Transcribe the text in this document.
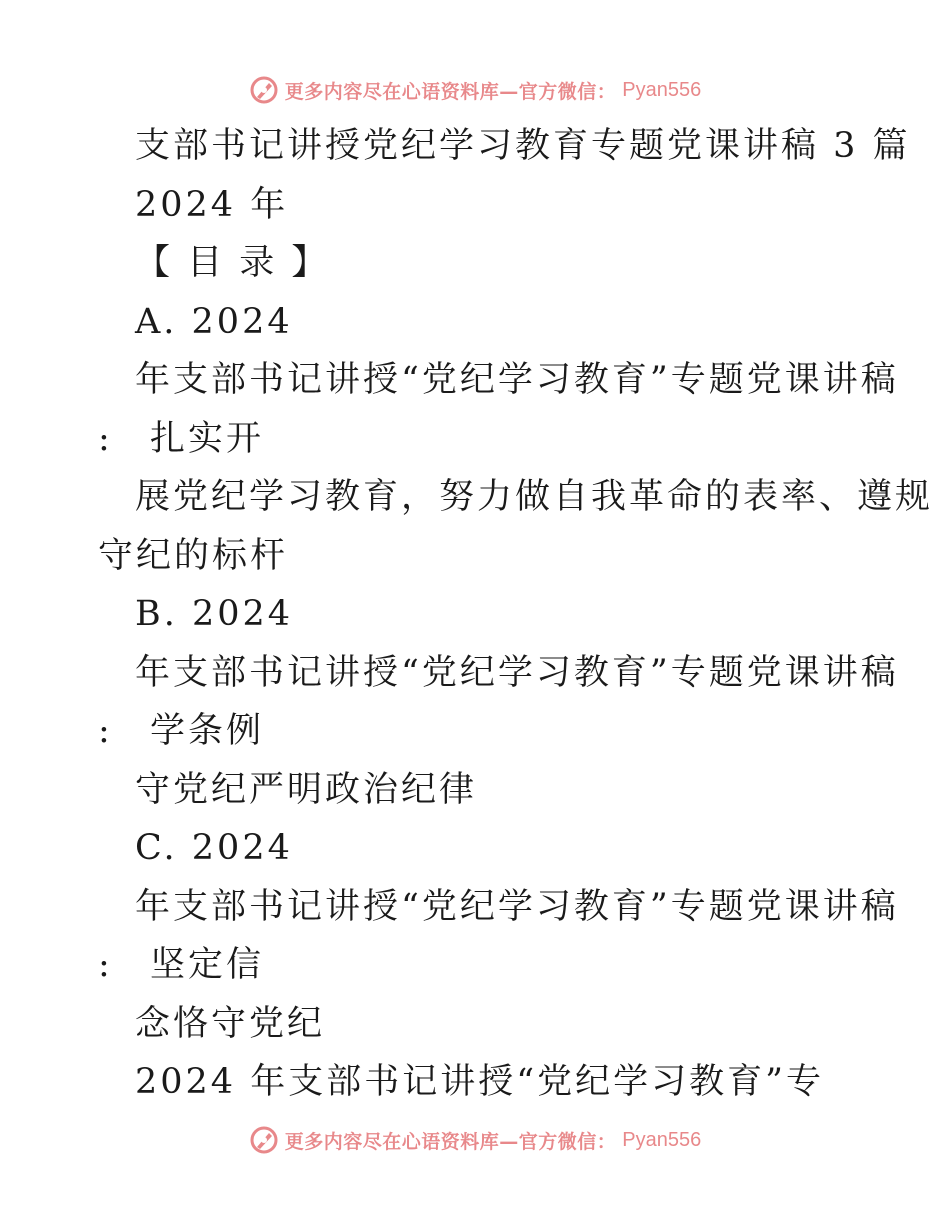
更多内容尽在心语资料库—官方微信： Pyan556
支部书记讲授党纪学习教育专题党课讲稿 3 篇
2024 年
【 目 录 】
A. 2024
年支部书记讲授“党纪学习教育”专题党课讲稿
: 扎实开
展党纪学习教育，努力做自我革命的表率、遵规
守纪的标杆
B. 2024
年支部书记讲授“党纪学习教育”专题党课讲稿
: 学条例
守党纪严明政治纪律
C. 2024
年支部书记讲授“党纪学习教育”专题党课讲稿
: 坚定信
念恪守党纪
2024 年支部书记讲授“党纪学习教育”专
更多内容尽在心语资料库—官方微信： Pyan556
